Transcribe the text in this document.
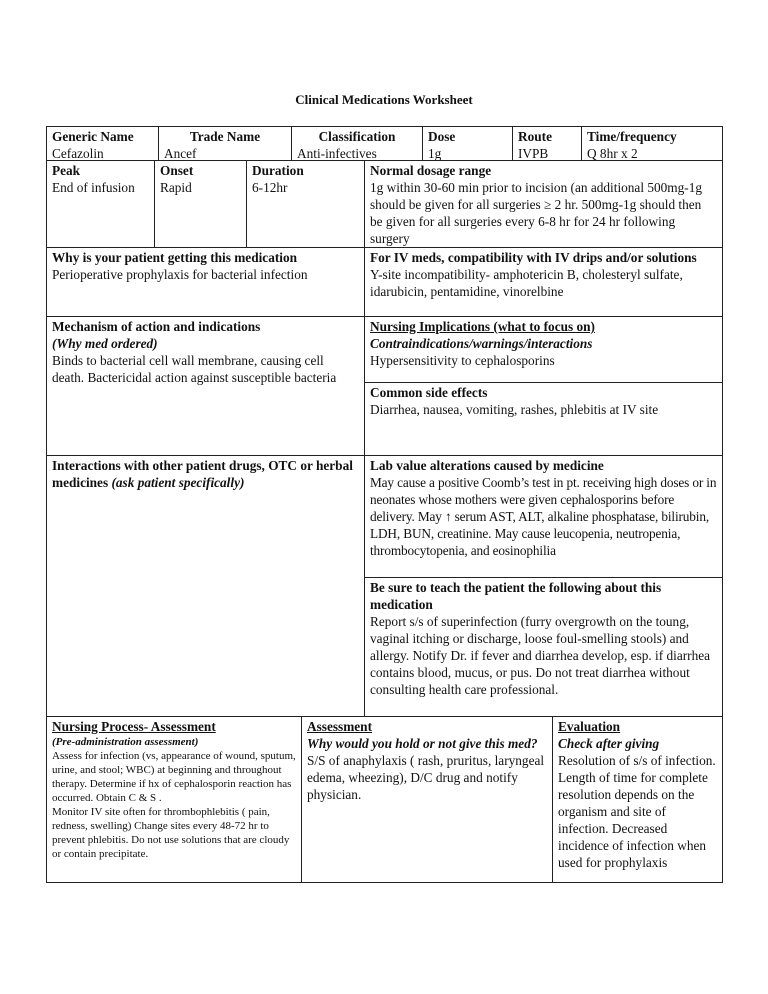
Clinical Medications Worksheet
Generic Name
Cefazolin
Trade Name
Ancef
Classification
Anti-infectives
Dose
1g
Route
IVPB
Time/frequency
Q 8hr x 2
Peak
End of infusion
Onset
Rapid
Duration
6-12hr
Normal dosage range
1g within 30-60 min prior to incision (an additional 500mg-1g should be given for all surgeries ≥ 2 hr. 500mg-1g should then be given for all surgeries every 6-8 hr for 24 hr following surgery
Why is your patient getting this medication
Perioperative prophylaxis for bacterial infection
For IV meds, compatibility with IV drips and/or solutions
Y-site incompatibility- amphotericin B, cholesteryl sulfate, idarubicin, pentamidine, vinorelbine
Mechanism of action and indications
(Why med ordered)
Binds to bacterial cell wall membrane, causing cell death. Bactericidal action against susceptible bacteria
Nursing Implications (what to focus on)
Contraindications/warnings/interactions
Hypersensitivity to cephalosporins
Common side effects
Diarrhea, nausea, vomiting, rashes, phlebitis at IV site
Interactions with other patient drugs, OTC or herbal medicines (ask patient specifically)
Lab value alterations caused by medicine
May cause a positive Coomb’s test in pt. receiving high doses or in neonates whose mothers were given cephalosporins before delivery. May ↑ serum AST, ALT, alkaline phosphatase, bilirubin, LDH, BUN, creatinine. May cause leucopenia, neutropenia, thrombocytopenia, and eosinophilia
Be sure to teach the patient the following about this medication
Report s/s of superinfection (furry overgrowth on the toung, vaginal itching or discharge, loose foul-smelling stools) and allergy. Notify Dr. if fever and diarrhea develop, esp. if diarrhea contains blood, mucus, or pus. Do not treat diarrhea without consulting health care professional.
Nursing Process- Assessment
(Pre-administration assessment)
Assess for infection (vs, appearance of wound, sputum, urine, and stool; WBC) at beginning and throughout therapy. Determine if hx of cephalosporin reaction has occurred. Obtain C & S .
Monitor IV site often for thrombophlebitis ( pain, redness, swelling) Change sites every 48-72 hr to prevent phlebitis. Do not use solutions that are cloudy or contain precipitate.
Assessment
Why would you hold or not give this med?
S/S of anaphylaxis ( rash, pruritus, laryngeal edema, wheezing), D/C drug and notify physician.
Evaluation
Check after giving
Resolution of s/s of infection. Length of time for complete resolution depends on the organism and site of infection. Decreased incidence of infection when used for prophylaxis
